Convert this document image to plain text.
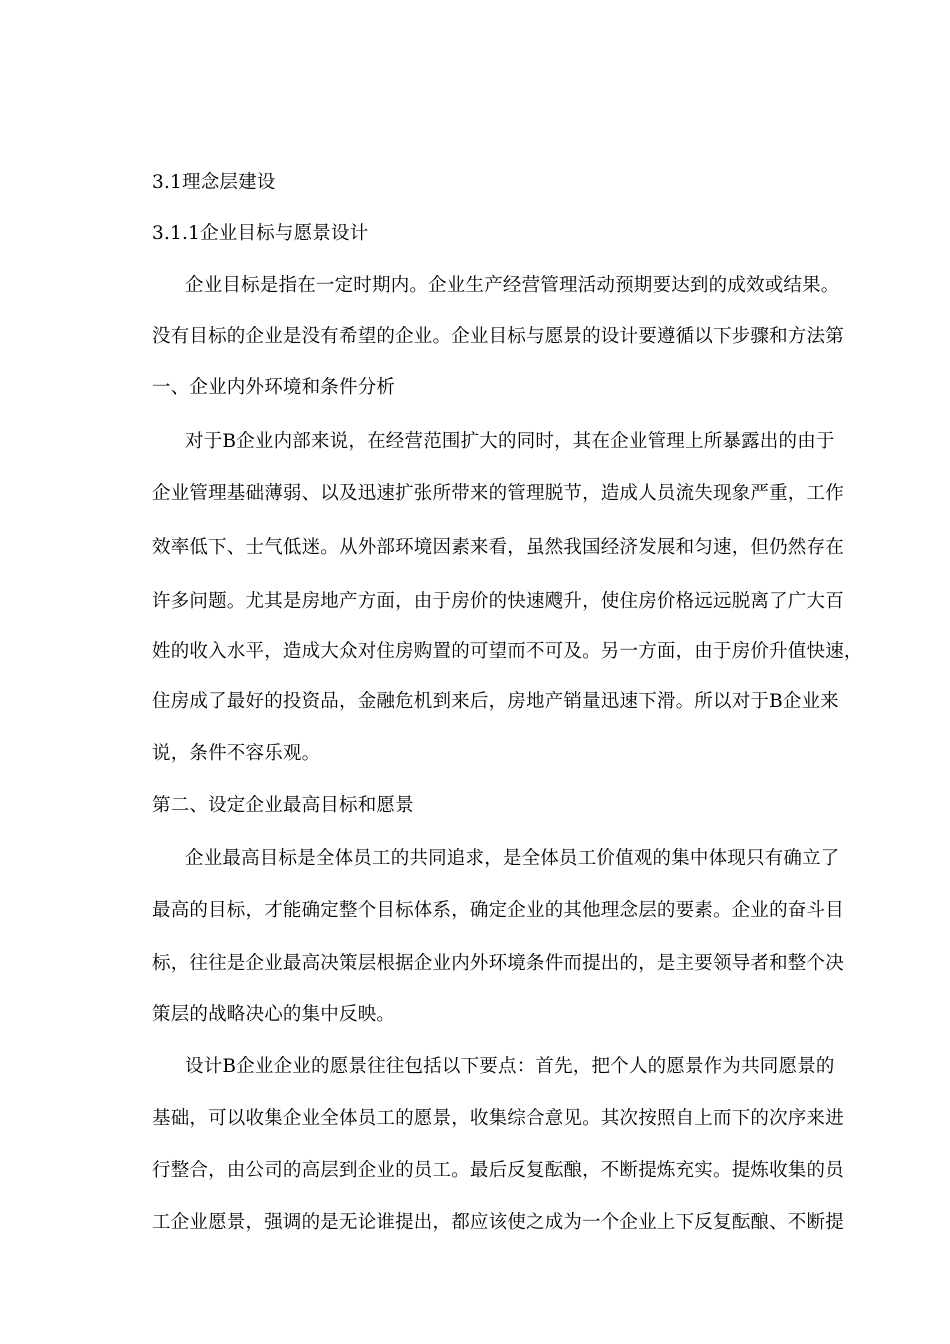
3.1理念层建设
3.1.1企业目标与愿景设计
企业目标是指在一定时期内。企业生产经营管理活动预期要达到的成效或结果。
没有目标的企业是没有希望的企业。企业目标与愿景的设计要遵循以下步骤和方法第
一、企业内外环境和条件分析
对于B企业内部来说，在经营范围扩大的同时，其在企业管理上所暴露出的由于
企业管理基础薄弱、以及迅速扩张所带来的管理脱节，造成人员流失现象严重，工作
效率低下、士气低迷。从外部环境因素来看，虽然我国经济发展和匀速，但仍然存在
许多问题。尤其是房地产方面，由于房价的快速飕升，使住房价格远远脱离了广大百
姓的收入水平，造成大众对住房购置的可望而不可及。另一方面，由于房价升值快速，
住房成了最好的投资品，金融危机到来后，房地产销量迅速下滑。所以对于B企业来
说，条件不容乐观。
第二、设定企业最高目标和愿景
企业最高目标是全体员工的共同追求，是全体员工价值观的集中体现只有确立了
最高的目标，才能确定整个目标体系，确定企业的其他理念层的要素。企业的奋斗目
标，往往是企业最高决策层根据企业内外环境条件而提出的，是主要领导者和整个决
策层的战略决心的集中反映。
设计B企业企业的愿景往往包括以下要点：首先，把个人的愿景作为共同愿景的
基础，可以收集企业全体员工的愿景，收集综合意见。其次按照自上而下的次序来进
行整合，由公司的高层到企业的员工。最后反复酝酿，不断提炼充实。提炼收集的员
工企业愿景，强调的是无论谁提出，都应该使之成为一个企业上下反复酝酿、不断提
